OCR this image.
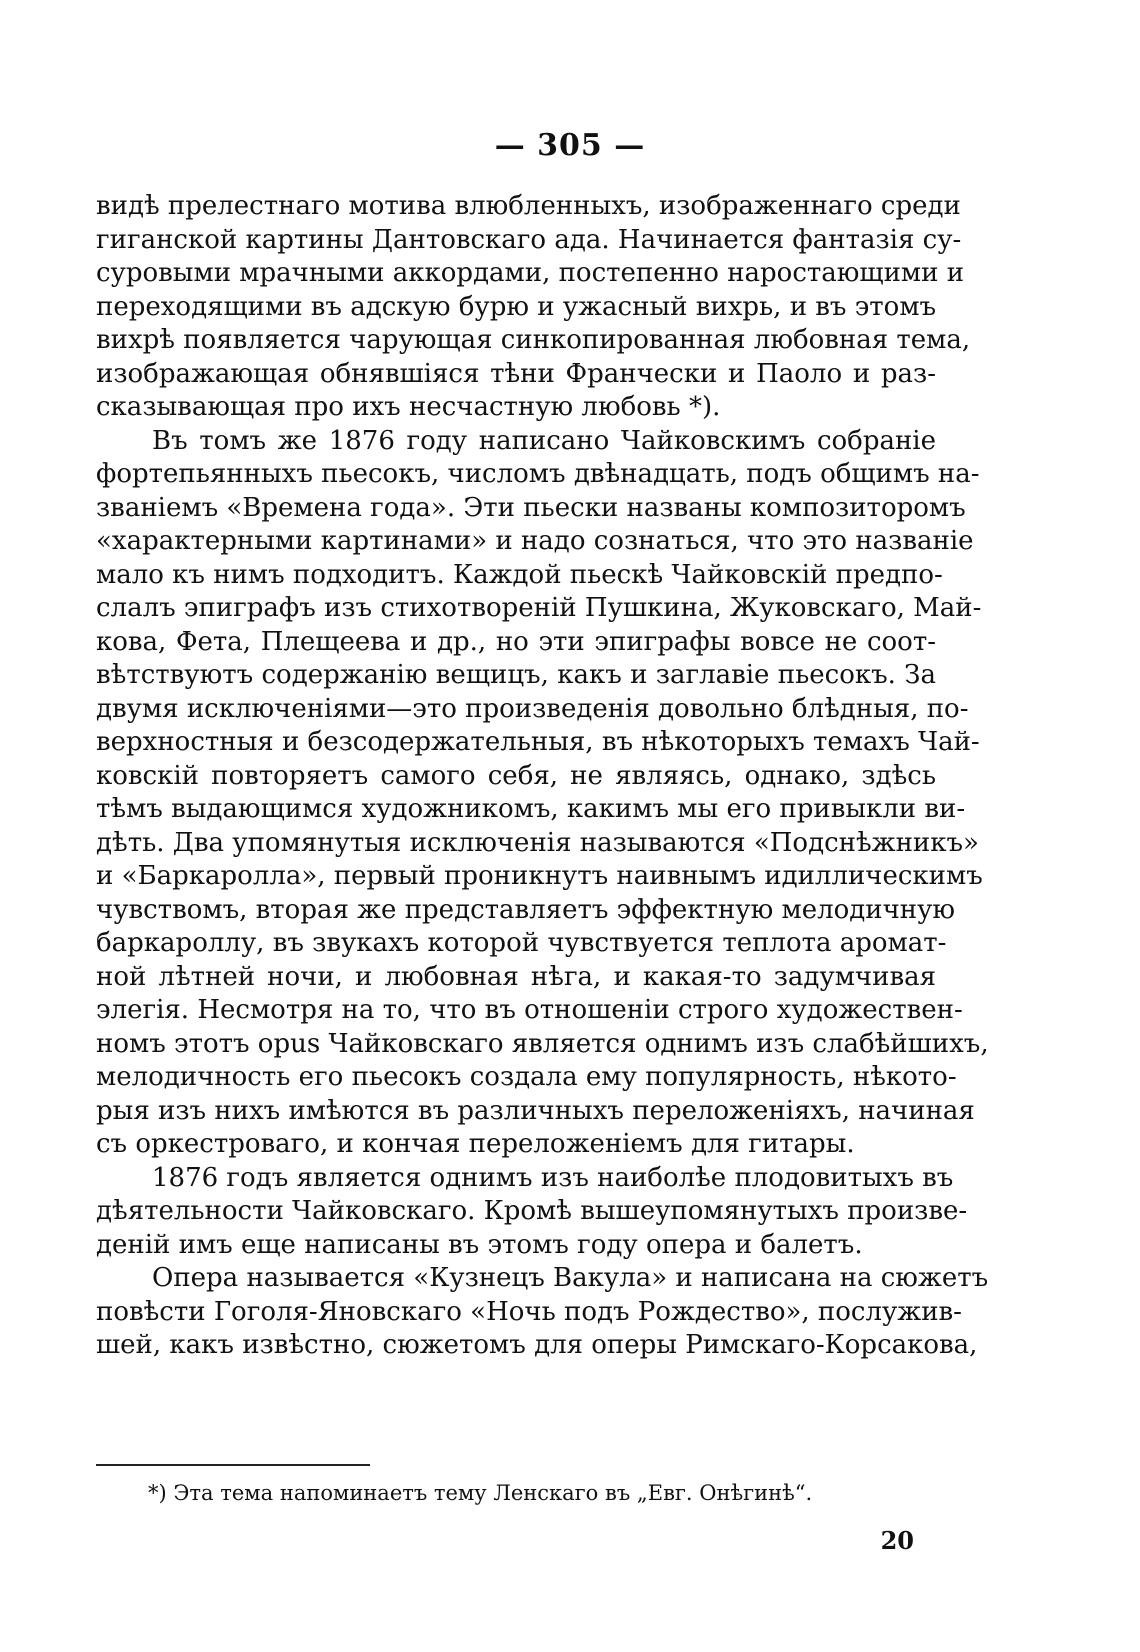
— 305 —
видѣ прелестнаго мотива влюбленныхъ, изображеннаго среди
гиганской картины Дантовскаго ада. Начинается фантазія су-
суровыми мрачными аккордами, постепенно наростающими и
переходящими въ адскую бурю и ужасный вихрь, и въ этомъ
вихрѣ появляется чарующая синкопированная любовная тема,
изображающая обнявшіяся тѣни Франчески и Паоло и раз-
сказывающая про ихъ несчастную любовь *).
Въ томъ же 1876 году написано Чайковскимъ собраніе
фортепьянныхъ пьесокъ, числомъ двѣнадцать, подъ общимъ на-
званіемъ «Времена года». Эти пьески названы композиторомъ
«характерными картинами» и надо сознаться, что это названіе
мало къ нимъ подходитъ. Каждой пьескѣ Чайковскій предпо-
слалъ эпиграфъ изъ стихотвореній Пушкина, Жуковскаго, Май-
кова, Фета, Плещеева и др., но эти эпиграфы вовсе не соот-
вѣтствуютъ содержанію вещицъ, какъ и заглавіе пьесокъ. За
двумя исключеніями—это произведенія довольно блѣдныя, по-
верхностныя и безсодержательныя, въ нѣкоторыхъ темахъ Чай-
ковскій повторяетъ самого себя, не являясь, однако, здѣсь
тѣмъ выдающимся художникомъ, какимъ мы его привыкли ви-
дѣть. Два упомянутыя исключенія называются «Подснѣжникъ»
и «Баркаролла», первый проникнутъ наивнымъ идиллическимъ
чувствомъ, вторая же представляетъ эффектную мелодичную
баркароллу, въ звукахъ которой чувствуется теплота аромат-
ной лѣтней ночи, и любовная нѣга, и какая-то задумчивая
элегія. Несмотря на то, что въ отношеніи строго художествен-
номъ этотъ opus Чайковскаго является однимъ изъ слабѣйшихъ,
мелодичность его пьесокъ создала ему популярность, нѣкото-
рыя изъ нихъ имѣются въ различныхъ переложеніяхъ, начиная
съ оркестроваго, и кончая переложеніемъ для гитары.
1876 годъ является однимъ изъ наиболѣе плодовитыхъ въ
дѣятельности Чайковскаго. Кромѣ вышеупомянутыхъ произве-
деній имъ еще написаны въ этомъ году опера и балетъ.
Опера называется «Кузнецъ Вакула» и написана на сюжетъ
повѣсти Гоголя-Яновскаго «Ночь подъ Рождество», послужив-
шей, какъ извѣстно, сюжетомъ для оперы Римскаго-Корсакова,
*) Эта тема напоминаетъ тему Ленскаго въ „Евг. Онѣгинѣ“.
20
